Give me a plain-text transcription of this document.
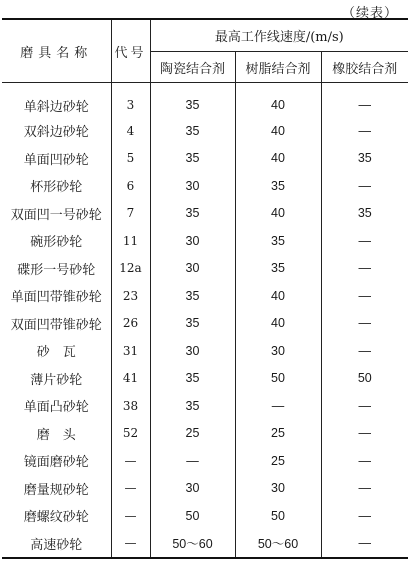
（续表）
磨具名称	代号	最高工作线速度/(m/s)		
		陶瓷结合剂	树脂结合剂	橡胶结合剂
单斜边砂轮	3	35	40	—
双斜边砂轮	4	35	40	—
单面凹砂轮	5	35	40	35
杯形砂轮	6	30	35	—
双面凹一号砂轮	7	35	40	35
碗形砂轮	11	30	35	—
碟形一号砂轮	12a	30	35	—
单面凹带锥砂轮	23	35	40	—
双面凹带锥砂轮	26	35	40	—
砂　瓦	31	30	30	—
薄片砂轮	41	35	50	50
单面凸砂轮	38	35	—	—
磨　头	52	25	25	—
镜面磨砂轮	—	—	25	—
磨量规砂轮	—	30	30	—
磨螺纹砂轮	—	50	50	—
高速砂轮	—	50～60	50～60	—
